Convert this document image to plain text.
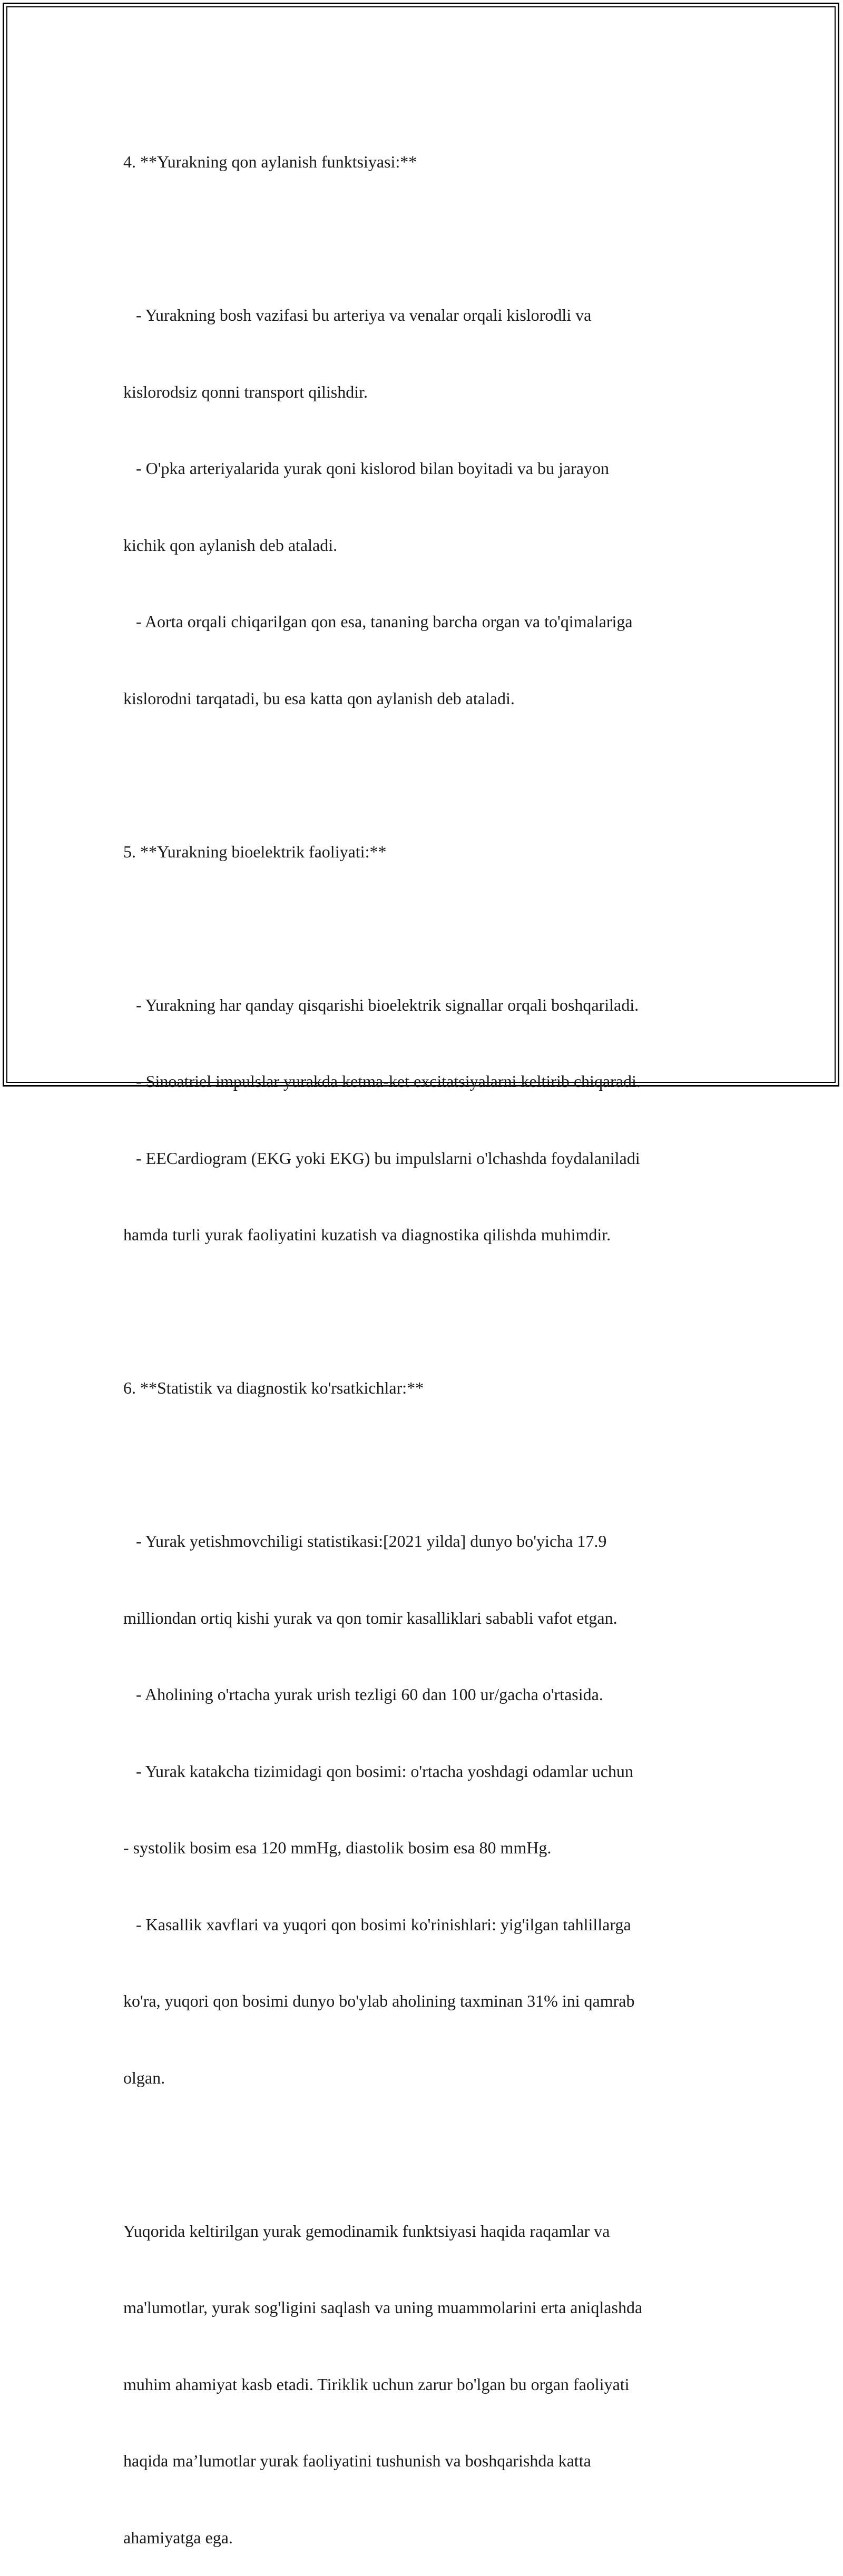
4. **Yurakning qon aylanish funktsiyasi:**

- Yurakning bosh vazifasi bu arteriya va venalar orqali kislorodli va

kislorodsiz qonni transport qilishdir.

- O'pka arteriyalarida yurak qoni kislorod bilan boyitadi va bu jarayon

kichik qon aylanish deb ataladi.

- Aorta orqali chiqarilgan qon esa, tananing barcha organ va to'qimalariga

kislorodni tarqatadi, bu esa katta qon aylanish deb ataladi.

5. **Yurakning bioelektrik faoliyati:**

- Yurakning har qanday qisqarishi bioelektrik signallar orqali boshqariladi.

- Sinoatriel impulslar yurakda ketma-ket excitatsiyalarni keltirib chiqaradi.

- EECardiogram (EKG yoki EKG) bu impulslarni o'lchashda foydalaniladi

hamda turli yurak faoliyatini kuzatish va diagnostika qilishda muhimdir.

6. **Statistik va diagnostik ko'rsatkichlar:**

- Yurak yetishmovchiligi statistikasi:[2021 yilda] dunyo bo'yicha 17.9

milliondan ortiq kishi yurak va qon tomir kasalliklari sababli vafot etgan.

- Aholining o'rtacha yurak urish tezligi 60 dan 100 ur/gacha o'rtasida.

- Yurak katakcha tizimidagi qon bosimi: o'rtacha yoshdagi odamlar uchun

- systolik bosim esa 120 mmHg, diastolik bosim esa 80 mmHg.

- Kasallik xavflari va yuqori qon bosimi ko'rinishlari: yig'ilgan tahlillarga

ko'ra, yuqori qon bosimi dunyo bo'ylab aholining taxminan 31% ini qamrab

olgan.

Yuqorida keltirilgan yurak gemodinamik funktsiyasi haqida raqamlar va

ma'lumotlar, yurak sog'ligini saqlash va uning muammolarini erta aniqlashda

muhim ahamiyat kasb etadi. Tiriklik uchun zarur bo'lgan bu organ faoliyati

haqida ma’lumotlar yurak faoliyatini tushunish va boshqarishda katta

ahamiyatga ega.
